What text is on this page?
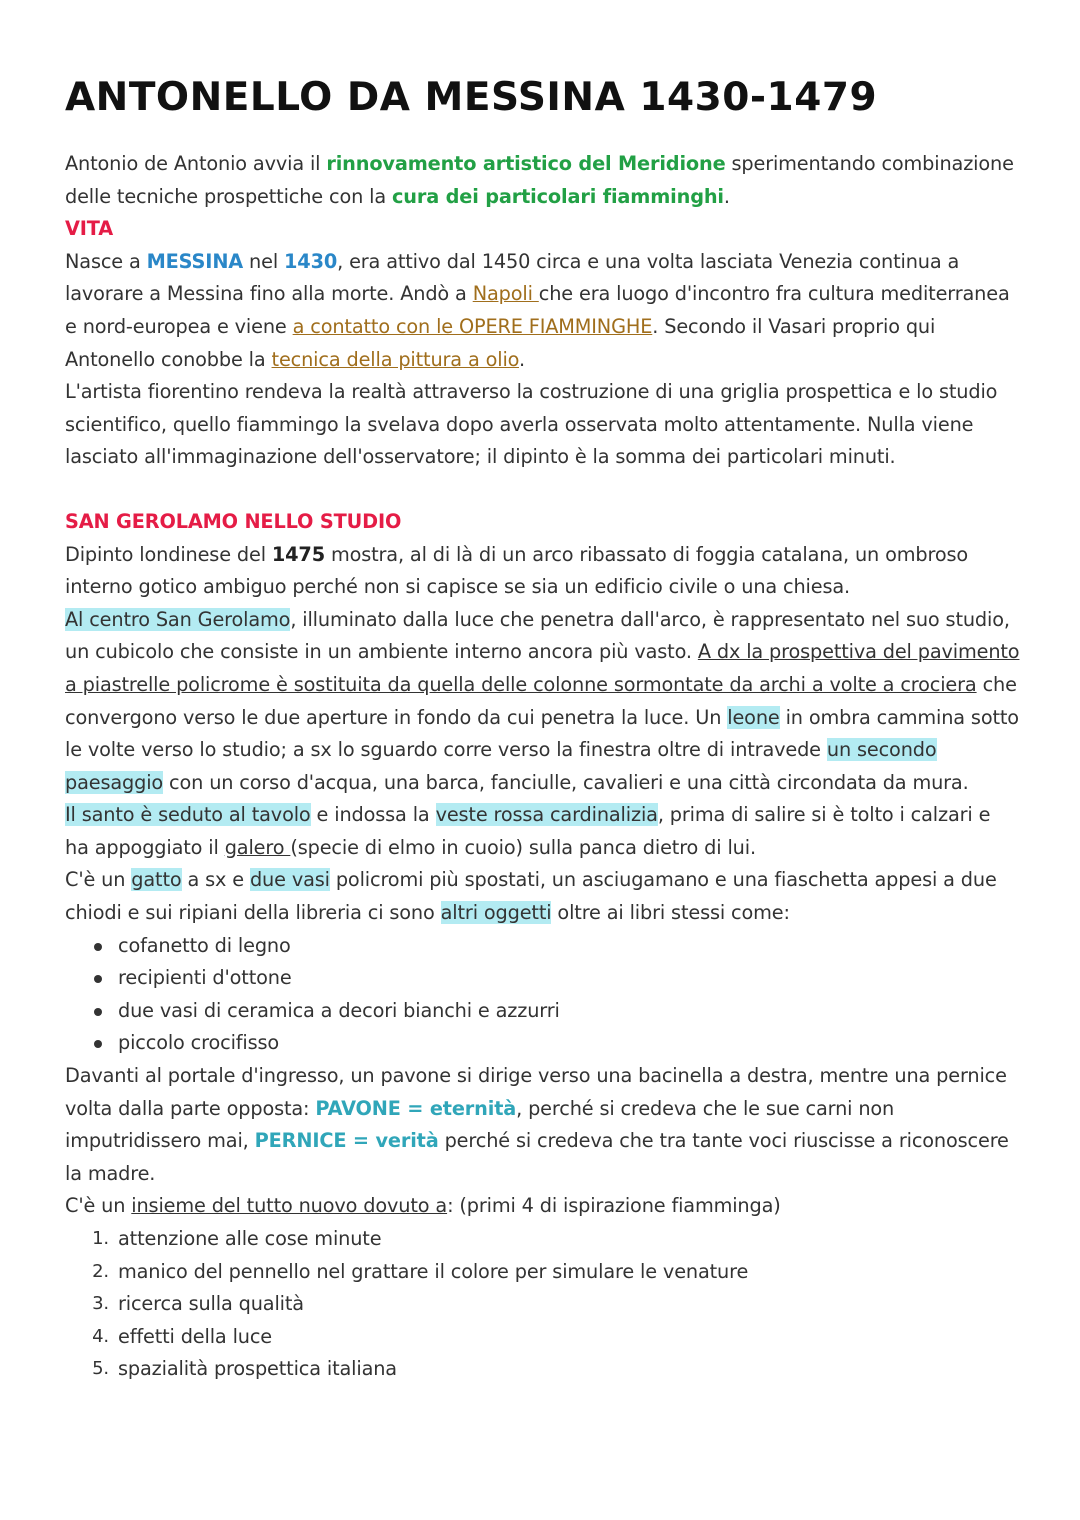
ANTONELLO DA MESSINA 1430-1479

Antonio de Antonio avvia il rinnovamento artistico del Meridione sperimentando combinazione delle tecniche prospettiche con la cura dei particolari fiamminghi.

VITA

Nasce a MESSINA nel 1430, era attivo dal 1450 circa e una volta lasciata Venezia continua a lavorare a Messina fino alla morte. Andò a Napoli che era luogo d'incontro fra cultura mediterranea e nord-europea e viene a contatto con le OPERE FIAMMINGHE. Secondo il Vasari proprio qui Antonello conobbe la tecnica della pittura a olio.

L'artista fiorentino rendeva la realtà attraverso la costruzione di una griglia prospettica e lo studio scientifico, quello fiammingo la svelava dopo averla osservata molto attentamente. Nulla viene lasciato all'immaginazione dell'osservatore; il dipinto è la somma dei particolari minuti.

SAN GEROLAMO NELLO STUDIO

Dipinto londinese del 1475 mostra, al di là di un arco ribassato di foggia catalana, un ombroso interno gotico ambiguo perché non si capisce se sia un edificio civile o una chiesa.

Al centro San Gerolamo, illuminato dalla luce che penetra dall'arco, è rappresentato nel suo studio, un cubicolo che consiste in un ambiente interno ancora più vasto. A dx la prospettiva del pavimento a piastrelle policrome è sostituita da quella delle colonne sormontate da archi a volte a crociera che convergono verso le due aperture in fondo da cui penetra la luce. Un leone in ombra cammina sotto le volte verso lo studio; a sx lo sguardo corre verso la finestra oltre di intravede un secondo paesaggio con un corso d'acqua, una barca, fanciulle, cavalieri e una città circondata da mura.

Il santo è seduto al tavolo e indossa la veste rossa cardinalizia, prima di salire si è tolto i calzari e ha appoggiato il galero (specie di elmo in cuoio) sulla panca dietro di lui.

C'è un gatto a sx e due vasi policromi più spostati, un asciugamano e una fiaschetta appesi a due chiodi e sui ripiani della libreria ci sono altri oggetti oltre ai libri stessi come:

cofanetto di legno
recipienti d'ottone
due vasi di ceramica a decori bianchi e azzurri
piccolo crocifisso

Davanti al portale d'ingresso, un pavone si dirige verso una bacinella a destra, mentre una pernice volta dalla parte opposta: PAVONE = eternità, perché si credeva che le sue carni non imputridissero mai, PERNICE = verità perché si credeva che tra tante voci riuscisse a riconoscere la madre.

C'è un insieme del tutto nuovo dovuto a: (primi 4 di ispirazione fiamminga)

1. attenzione alle cose minute
2. manico del pennello nel grattare il colore per simulare le venature
3. ricerca sulla qualità
4. effetti della luce
5. spazialità prospettica italiana
